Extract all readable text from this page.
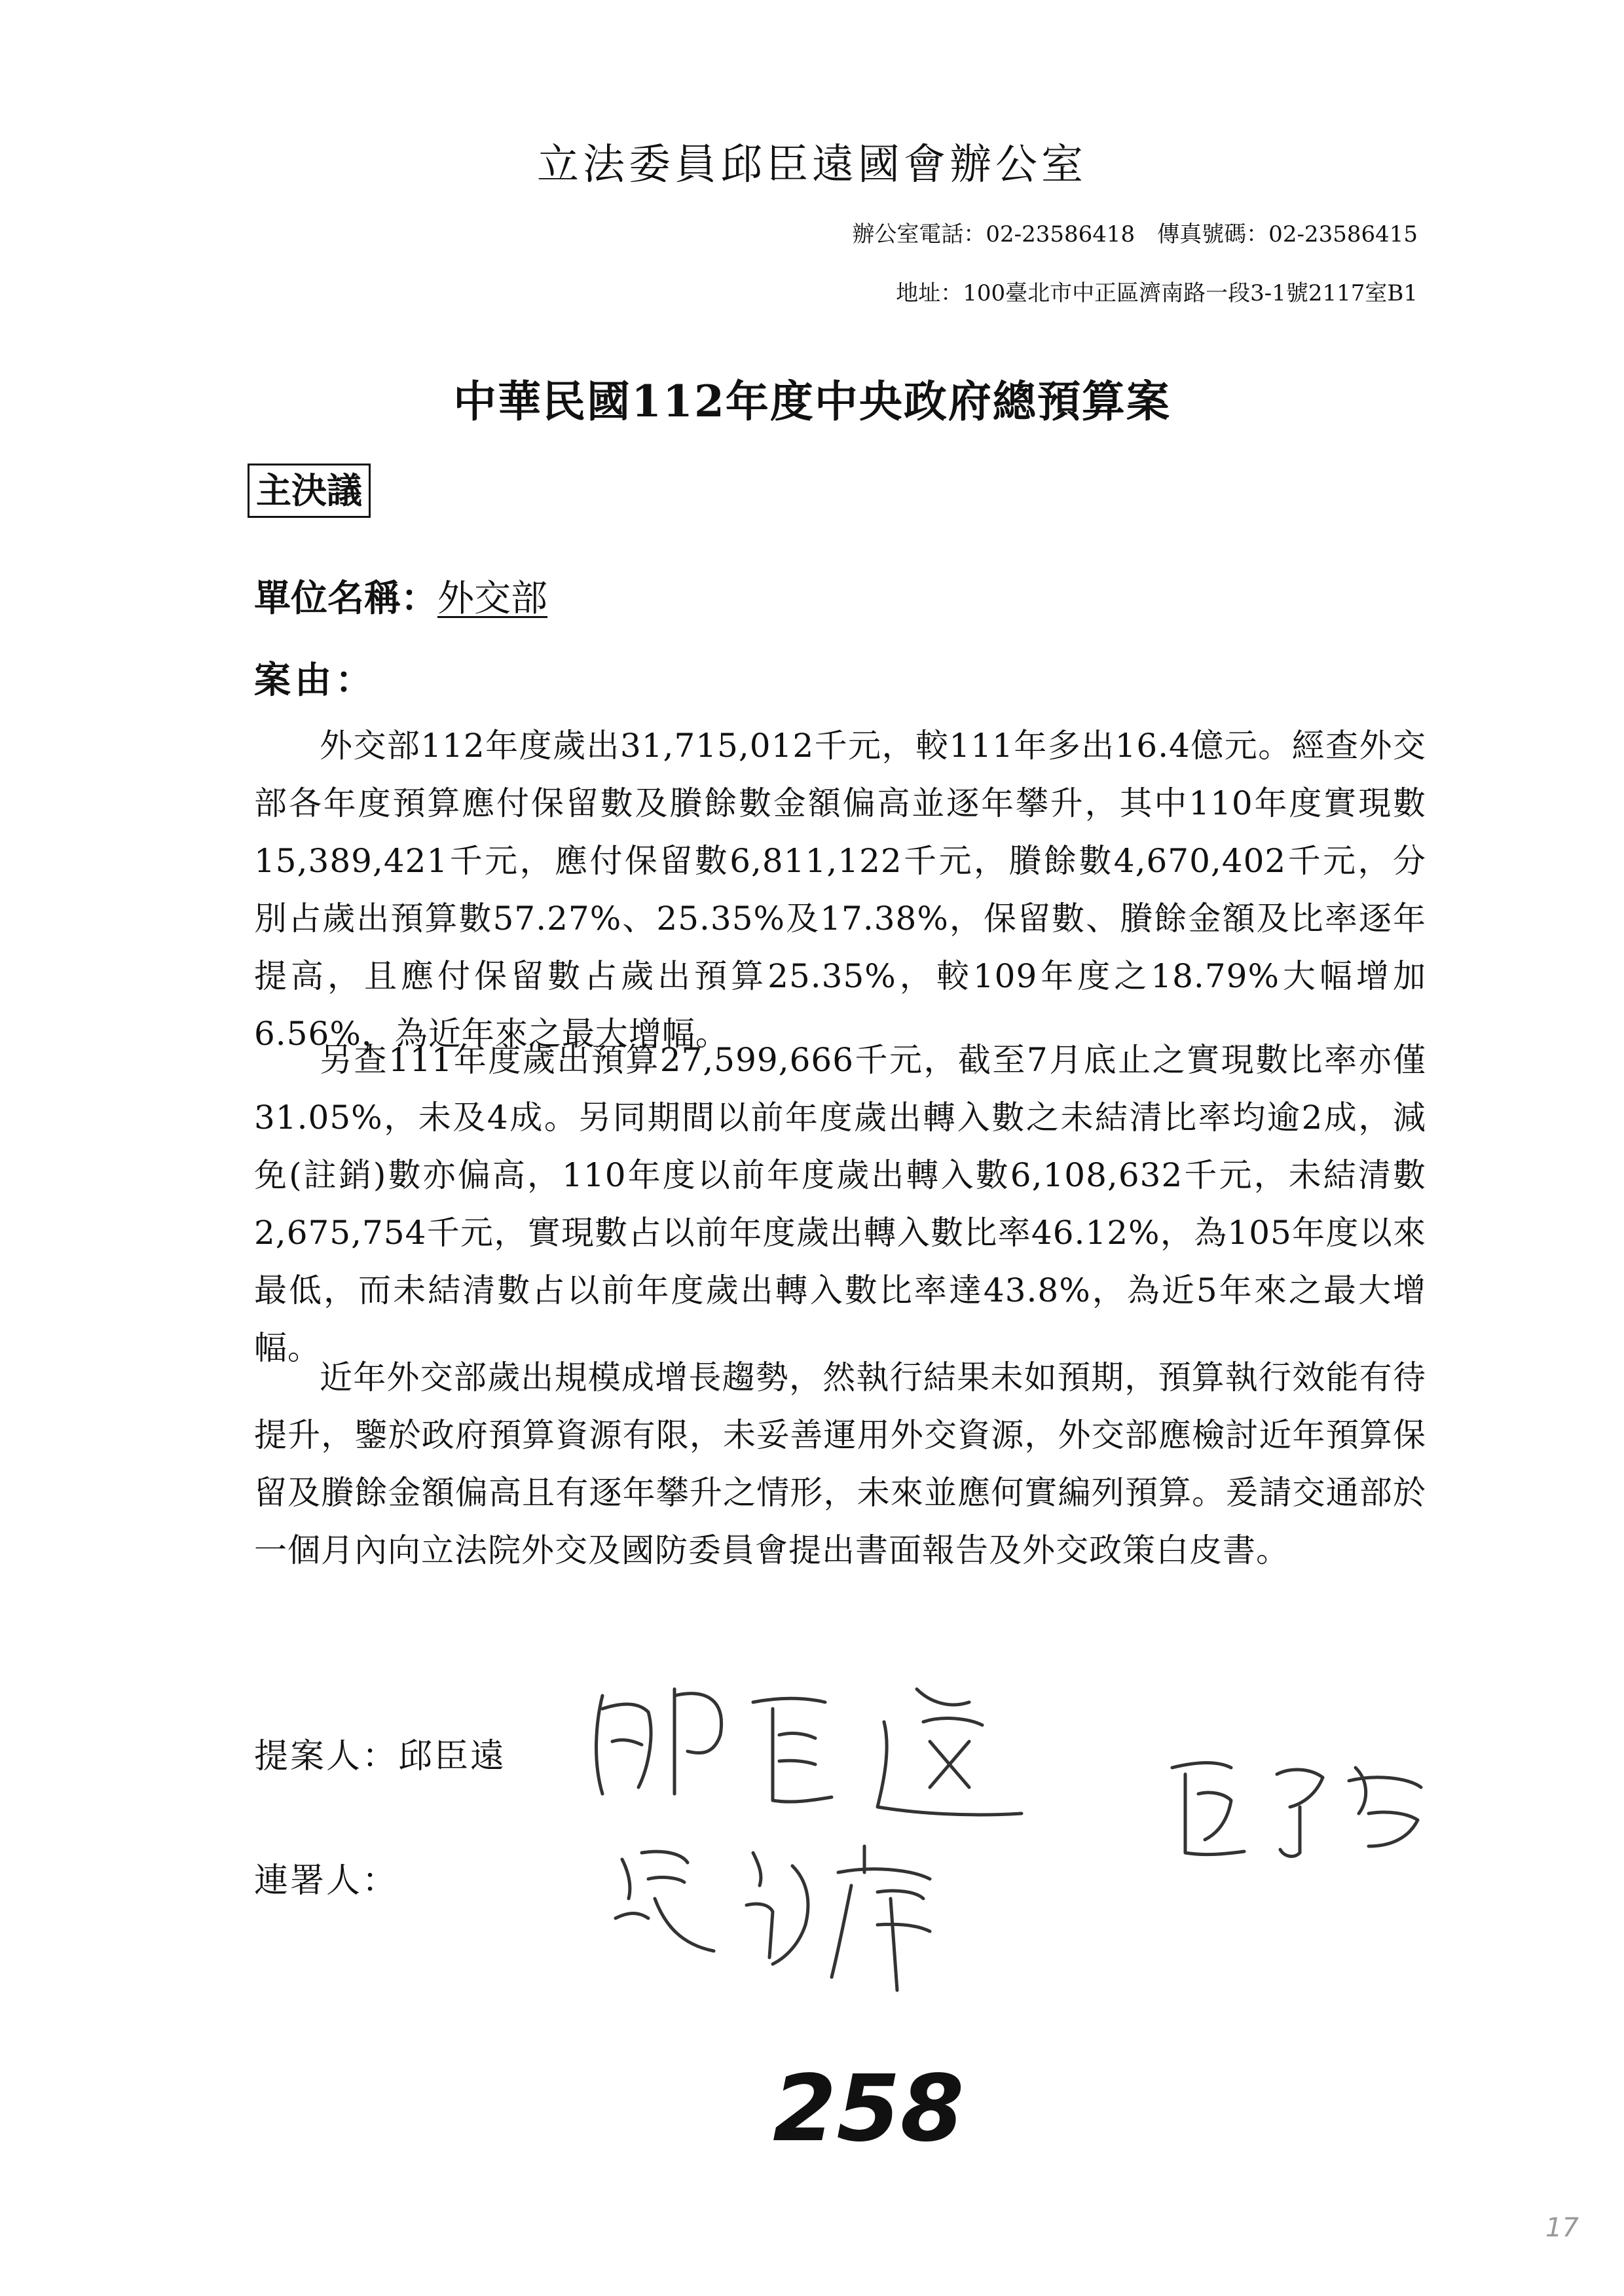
立法委員邱臣遠國會辦公室
辦公室電話：02-23586418　傳真號碼：02-23586415
地址：100臺北市中正區濟南路一段3-1號2117室B1
中華民國112年度中央政府總預算案
主決議
單位名稱：外交部
案由：

外交部112年度歲出31,715,012千元，較111年多出16.4億元。經查外交部各年度預算應付保留數及賸餘數金額偏高並逐年攀升，其中110年度實現數15,389,421千元，應付保留數6,811,122千元，賸餘數4,670,402千元，分別占歲出預算數57.27%、25.35%及17.38%，保留數、賸餘金額及比率逐年提高，且應付保留數占歲出預算25.35%，較109年度之18.79%大幅增加6.56%，為近年來之最大增幅。

另查111年度歲出預算27,599,666千元，截至7月底止之實現數比率亦僅31.05%，未及4成。另同期間以前年度歲出轉入數之未結清比率均逾2成，減免(註銷)數亦偏高，110年度以前年度歲出轉入數6,108,632千元，未結清數2,675,754千元，實現數占以前年度歲出轉入數比率46.12%，為105年度以來最低，而未結清數占以前年度歲出轉入數比率達43.8%，為近5年來之最大增幅。

近年外交部歲出規模成增長趨勢，然執行結果未如預期，預算執行效能有待提升，鑒於政府預算資源有限，未妥善運用外交資源，外交部應檢討近年預算保留及賸餘金額偏高且有逐年攀升之情形，未來並應何實編列預算。爰請交通部於一個月內向立法院外交及國防委員會提出書面報告及外交政策白皮書。

提案人：邱臣遠
連署人：
258
17
